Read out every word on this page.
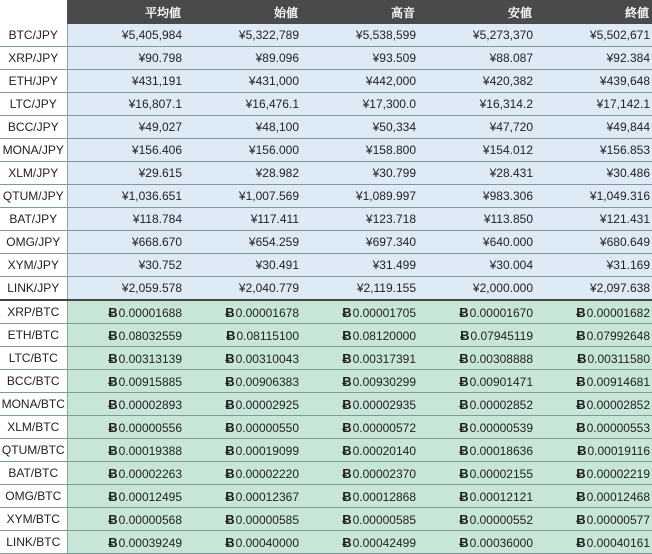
	平均値	始値	高音	安値	終値
BTC/JPY	¥5,405,984	¥5,322,789	¥5,538,599	¥5,273,370	¥5,502,671
XRP/JPY	¥90.798	¥89.096	¥93.509	¥88.087	¥92.384
ETH/JPY	¥431,191	¥431,000	¥442,000	¥420,382	¥439,648
LTC/JPY	¥16,807.1	¥16,476.1	¥17,300.0	¥16,314.2	¥17,142.1
BCC/JPY	¥49,027	¥48,100	¥50,334	¥47,720	¥49,844
MONA/JPY	¥156.406	¥156.000	¥158.800	¥154.012	¥156.853
XLM/JPY	¥29.615	¥28.982	¥30.799	¥28.431	¥30.486
QTUM/JPY	¥1,036.651	¥1,007.569	¥1,089.997	¥983.306	¥1,049.316
BAT/JPY	¥118.784	¥117.411	¥123.718	¥113.850	¥121.431
OMG/JPY	¥668.670	¥654.259	¥697.340	¥640.000	¥680.649
XYM/JPY	¥30.752	¥30.491	¥31.499	¥30.004	¥31.169
LINK/JPY	¥2,059.578	¥2,040.779	¥2,119.155	¥2,000.000	¥2,097.638
XRP/BTC	Ƀ0.00001688	Ƀ0.00001678	Ƀ0.00001705	Ƀ0.00001670	Ƀ0.00001682
ETH/BTC	Ƀ0.08032559	Ƀ0.08115100	Ƀ0.08120000	Ƀ0.07945119	Ƀ0.07992648
LTC/BTC	Ƀ0.00313139	Ƀ0.00310043	Ƀ0.00317391	Ƀ0.00308888	Ƀ0.00311580
BCC/BTC	Ƀ0.00915885	Ƀ0.00906383	Ƀ0.00930299	Ƀ0.00901471	Ƀ0.00914681
MONA/BTC	Ƀ0.00002893	Ƀ0.00002925	Ƀ0.00002935	Ƀ0.00002852	Ƀ0.00002852
XLM/BTC	Ƀ0.00000556	Ƀ0.00000550	Ƀ0.00000572	Ƀ0.00000539	Ƀ0.00000553
QTUM/BTC	Ƀ0.00019388	Ƀ0.00019099	Ƀ0.00020140	Ƀ0.00018636	Ƀ0.00019116
BAT/BTC	Ƀ0.00002263	Ƀ0.00002220	Ƀ0.00002370	Ƀ0.00002155	Ƀ0.00002219
OMG/BTC	Ƀ0.00012495	Ƀ0.00012367	Ƀ0.00012868	Ƀ0.00012121	Ƀ0.00012468
XYM/BTC	Ƀ0.00000568	Ƀ0.00000585	Ƀ0.00000585	Ƀ0.00000552	Ƀ0.00000577
LINK/BTC	Ƀ0.00039249	Ƀ0.00040000	Ƀ0.00042499	Ƀ0.00036000	Ƀ0.00040161
